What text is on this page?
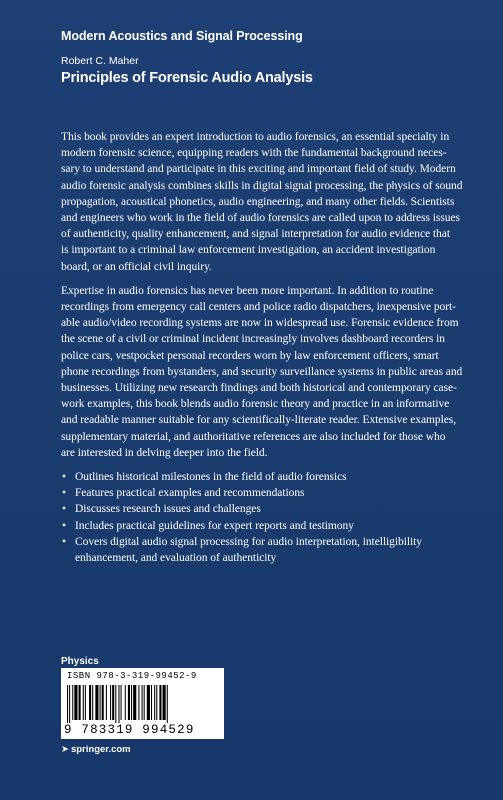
Modern Acoustics and Signal Processing
Robert C. Maher
Principles of Forensic Audio Analysis
This book provides an expert introduction to audio forensics, an essential specialty in
modern forensic science, equipping readers with the fundamental background neces-
sary to understand and participate in this exciting and important field of study. Modern
audio forensic analysis combines skills in digital signal processing, the physics of sound
propagation, acoustical phonetics, audio engineering, and many other fields. Scientists
and engineers who work in the field of audio forensics are called upon to address issues
of authenticity, quality enhancement, and signal interpretation for audio evidence that
is important to a criminal law enforcement investigation, an accident investigation
board, or an official civil inquiry.
Expertise in audio forensics has never been more important. In addition to routine
recordings from emergency call centers and police radio dispatchers, inexpensive port-
able audio/video recording systems are now in widespread use. Forensic evidence from
the scene of a civil or criminal incident increasingly involves dashboard recorders in
police cars, vestpocket personal recorders worn by law enforcement officers, smart
phone recordings from bystanders, and security surveillance systems in public areas and
businesses. Utilizing new research findings and both historical and contemporary case-
work examples, this book blends audio forensic theory and practice in an informative
and readable manner suitable for any scientifically-literate reader. Extensive examples,
supplementary material, and authoritative references are also included for those who
are interested in delving deeper into the field.
• Outlines historical milestones in the field of audio forensics
• Features practical examples and recommendations
• Discusses research issues and challenges
• Includes practical guidelines for expert reports and testimony
• Covers digital audio signal processing for audio interpretation, intelligibility
enhancement, and evaluation of authenticity
Physics
ISBN 978-3-319-99452-9
9 783319 994529
➤ springer.com
